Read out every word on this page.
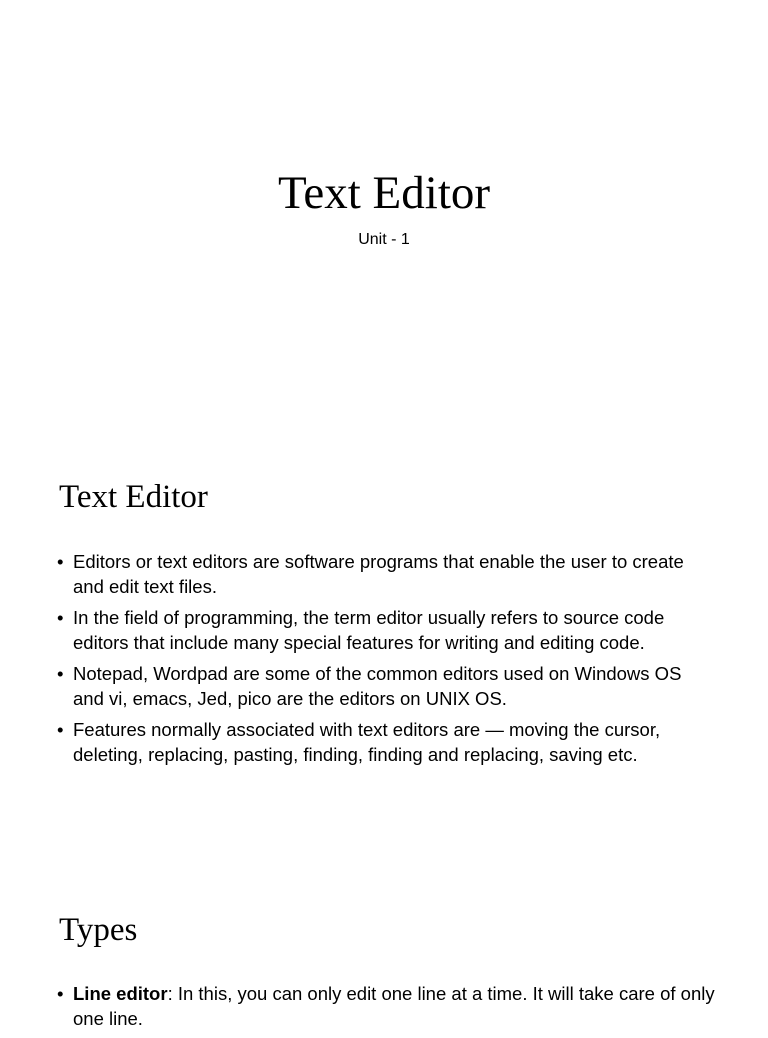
Text Editor

Unit - 1

Text Editor
• Editors or text editors are software programs that enable the user to create and edit text files.
• In the field of programming, the term editor usually refers to source code editors that include many special features for writing and editing code.
• Notepad, Wordpad are some of the common editors used on Windows OS and vi, emacs, Jed, pico are the editors on UNIX OS.
• Features normally associated with text editors are — moving the cursor, deleting, replacing, pasting, finding, finding and replacing, saving etc.
Types
• Line editor: In this, you can only edit one line at a time. It will take care of only one line.
